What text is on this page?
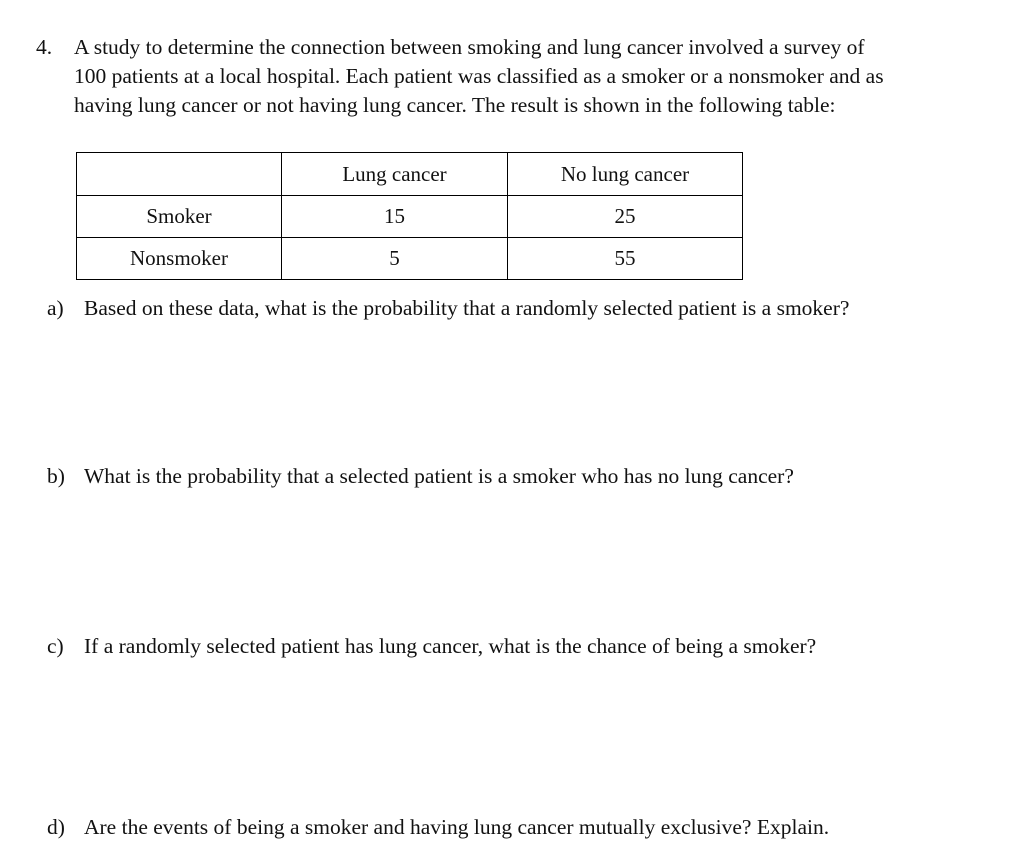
4. A study to determine the connection between smoking and lung cancer involved a survey of
100 patients at a local hospital. Each patient was classified as a smoker or a nonsmoker and as
having lung cancer or not having lung cancer. The result is shown in the following table:
	Lung cancer	No lung cancer
Smoker	15	25
Nonsmoker	5	55
a) Based on these data, what is the probability that a randomly selected patient is a smoker?
b) What is the probability that a selected patient is a smoker who has no lung cancer?
c) If a randomly selected patient has lung cancer, what is the chance of being a smoker?
d) Are the events of being a smoker and having lung cancer mutually exclusive? Explain.
